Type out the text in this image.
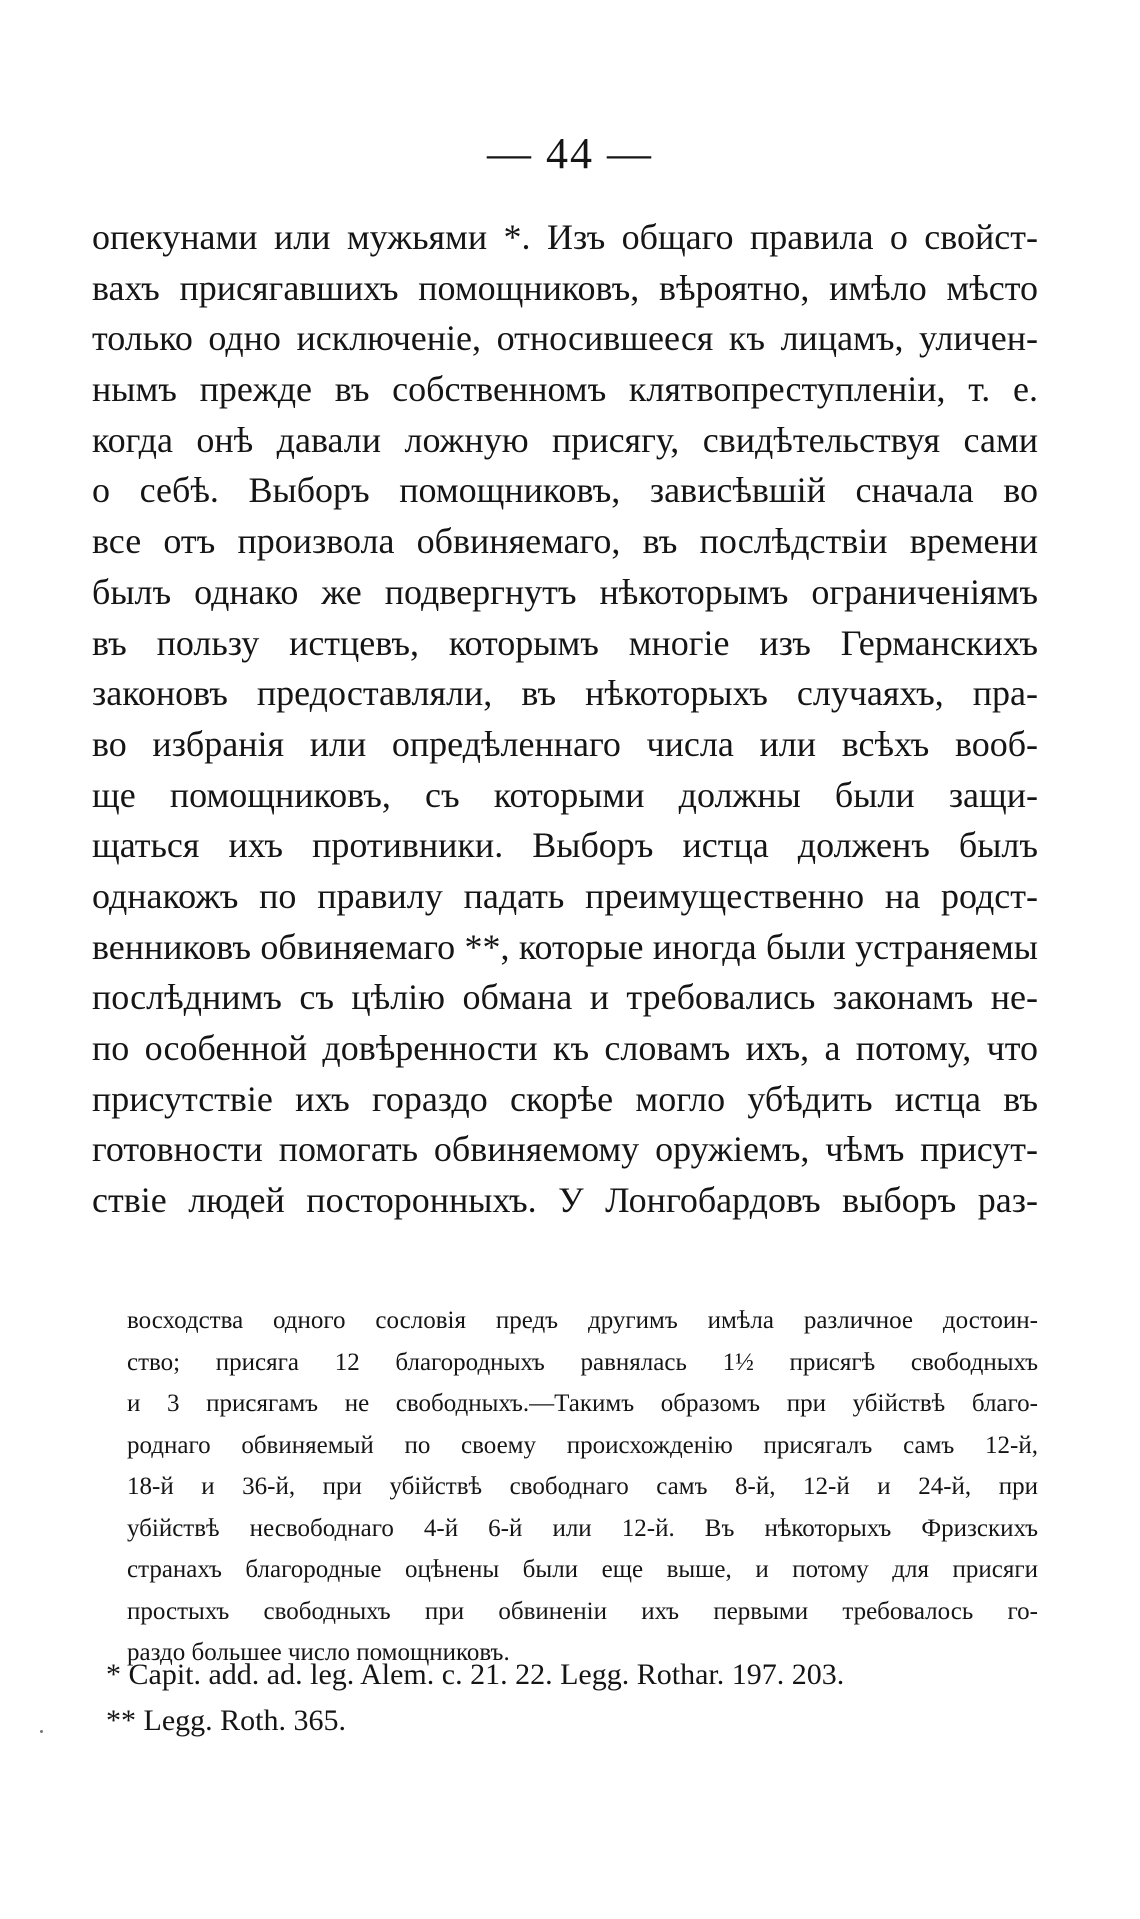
— 44 —
опекунами или мужьями *. Изъ общаго правила о свойст-
вахъ присягавшихъ помощниковъ, вѣроятно, имѣло мѣсто
только одно исключеніе, относившееся къ лицамъ, уличен-
нымъ прежде въ собственномъ клятвопреступленіи, т. е.
когда онѣ давали ложную присягу, свидѣтельствуя сами
о себѣ. Выборъ помощниковъ, зависѣвшій сначала во
все отъ произвола обвиняемаго, въ послѣдствіи времени
былъ однако же подвергнутъ нѣкоторымъ ограниченіямъ
въ пользу истцевъ, которымъ многіе изъ Германскихъ
законовъ предоставляли, въ нѣкоторыхъ случаяхъ, пра-
во избранія или опредѣленнаго числа или всѣхъ вооб-
ще помощниковъ, съ которыми должны были защи-
щаться ихъ противники. Выборъ истца долженъ былъ
однакожъ по правилу падать преимущественно на родст-
венниковъ обвиняемаго **, которые иногда были устраняемы
послѣднимъ съ цѣлію обмана и требовались законамъ не-
по особенной довѣренности къ словамъ ихъ, а потому, что
присутствіе ихъ гораздо скорѣе могло убѣдить истца въ
готовности помогать обвиняемому оружіемъ, чѣмъ присут-
ствіе людей посторонныхъ. У Лонгобардовъ выборъ раз-
восходства одного сословія предъ другимъ имѣла различное достоин-
ство; присяга 12 благородныхъ равнялась 1½ присягѣ свободныхъ
и 3 присягамъ не свободныхъ.—Такимъ образомъ при убійствѣ благо-
роднаго обвиняемый по своему происхожденію присягалъ самъ 12-й,
18-й и 36-й, при убійствѣ свободнаго самъ 8-й, 12-й и 24-й, при
убійствѣ несвободнаго 4-й 6-й или 12-й. Въ нѣкоторыхъ Фризскихъ
странахъ благородные оцѣнены были еще выше, и потому для присяги
простыхъ свободныхъ при обвиненіи ихъ первыми требовалось го-
раздо большее число помощниковъ.
* Capit. add. ad. leg. Alem. c. 21. 22. Legg. Rothar. 197. 203.
** Legg. Roth. 365.
